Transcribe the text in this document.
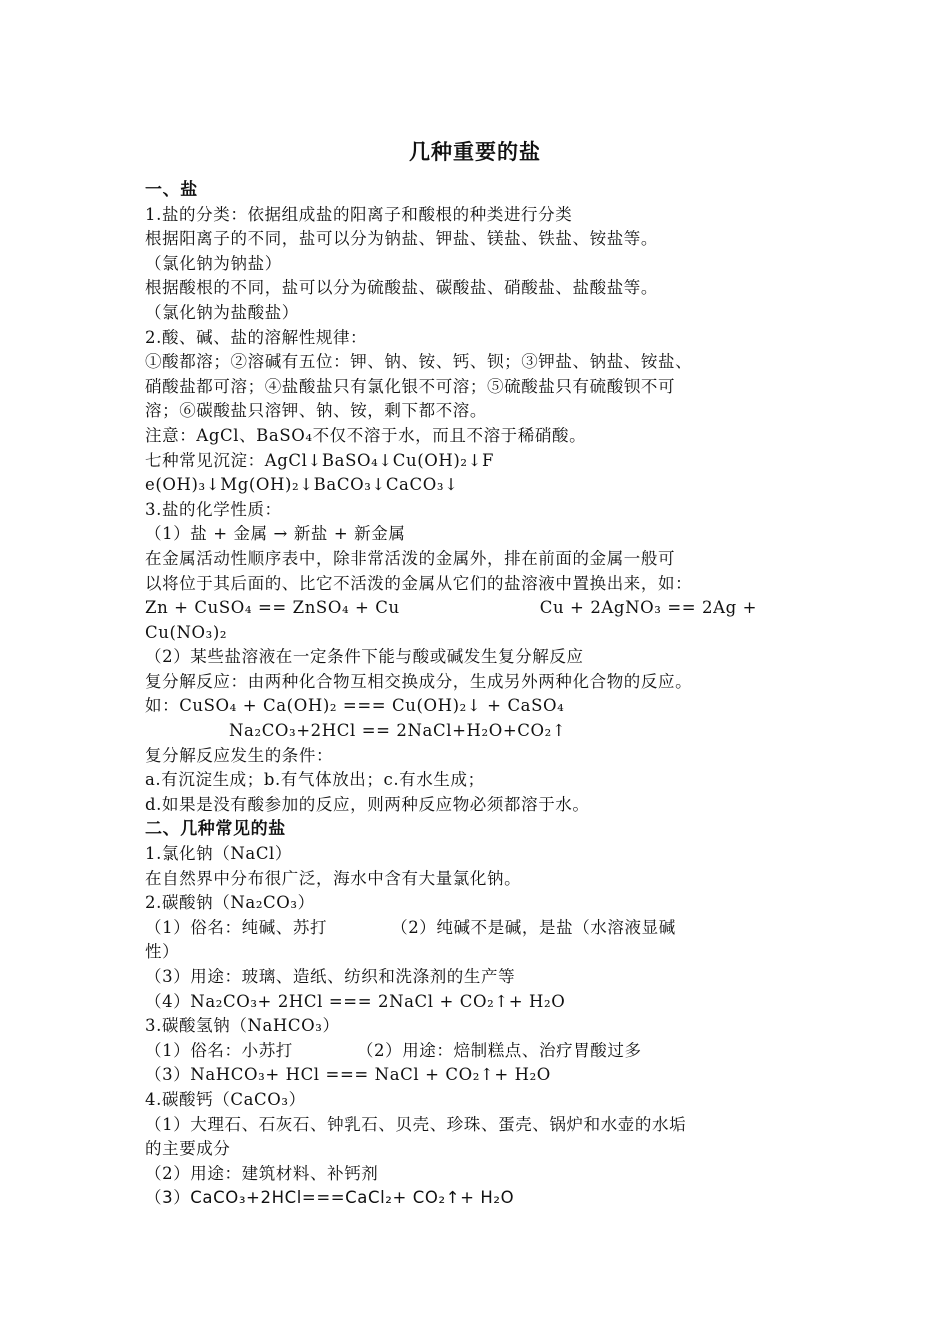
几种重要的盐
一、盐
1.盐的分类：依据组成盐的阳离子和酸根的种类进行分类
根据阳离子的不同，盐可以分为钠盐、钾盐、镁盐、铁盐、铵盐等。
（氯化钠为钠盐）
根据酸根的不同，盐可以分为硫酸盐、碳酸盐、硝酸盐、盐酸盐等。
（氯化钠为盐酸盐）
2.酸、碱、盐的溶解性规律：
①酸都溶；②溶碱有五位：钾、钠、铵、钙、钡；③钾盐、钠盐、铵盐、
硝酸盐都可溶；④盐酸盐只有氯化银不可溶；⑤硫酸盐只有硫酸钡不可
溶；⑥碳酸盐只溶钾、钠、铵，剩下都不溶。
注意：AgCl、BaSO₄不仅不溶于水，而且不溶于稀硝酸。
七种常见沉淀：AgCl↓BaSO₄↓Cu(OH)₂↓F
e(OH)₃↓Mg(OH)₂↓BaCO₃↓CaCO₃↓
3.盐的化学性质：
（1）盐 + 金属 → 新盐 + 新金属
在金属活动性顺序表中，除非常活泼的金属外，排在前面的金属一般可
以将位于其后面的、比它不活泼的金属从它们的盐溶液中置换出来，如：
Zn + CuSO₄ == ZnSO₄ + Cu	Cu + 2AgNO₃ == 2Ag +
Cu(NO₃)₂
（2）某些盐溶液在一定条件下能与酸或碱发生复分解反应
复分解反应：由两种化合物互相交换成分，生成另外两种化合物的反应。
如：CuSO₄ + Ca(OH)₂ === Cu(OH)₂↓ + CaSO₄
Na₂CO₃+2HCl == 2NaCl+H₂O+CO₂↑
复分解反应发生的条件：
a.有沉淀生成；b.有气体放出；c.有水生成；
d.如果是没有酸参加的反应，则两种反应物必须都溶于水。
二、几种常见的盐
1.氯化钠（NaCl）
在自然界中分布很广泛，海水中含有大量氯化钠。
2.碳酸钠（Na₂CO₃）
（1）俗名：纯碱、苏打	（2）纯碱不是碱，是盐（水溶液显碱
性）
（3）用途：玻璃、造纸、纺织和洗涤剂的生产等
（4）Na₂CO₃+ 2HCl === 2NaCl + CO₂↑+ H₂O
3.碳酸氢钠（NaHCO₃）
（1）俗名：小苏打	（2）用途：焙制糕点、治疗胃酸过多
（3）NaHCO₃+ HCl === NaCl + CO₂↑+ H₂O
4.碳酸钙（CaCO₃）
（1）大理石、石灰石、钟乳石、贝壳、珍珠、蛋壳、锅炉和水壶的水垢
的主要成分
（2）用途：建筑材料、补钙剂
（3）CaCO₃+2HCl===CaCl₂+ CO₂↑+ H₂O
